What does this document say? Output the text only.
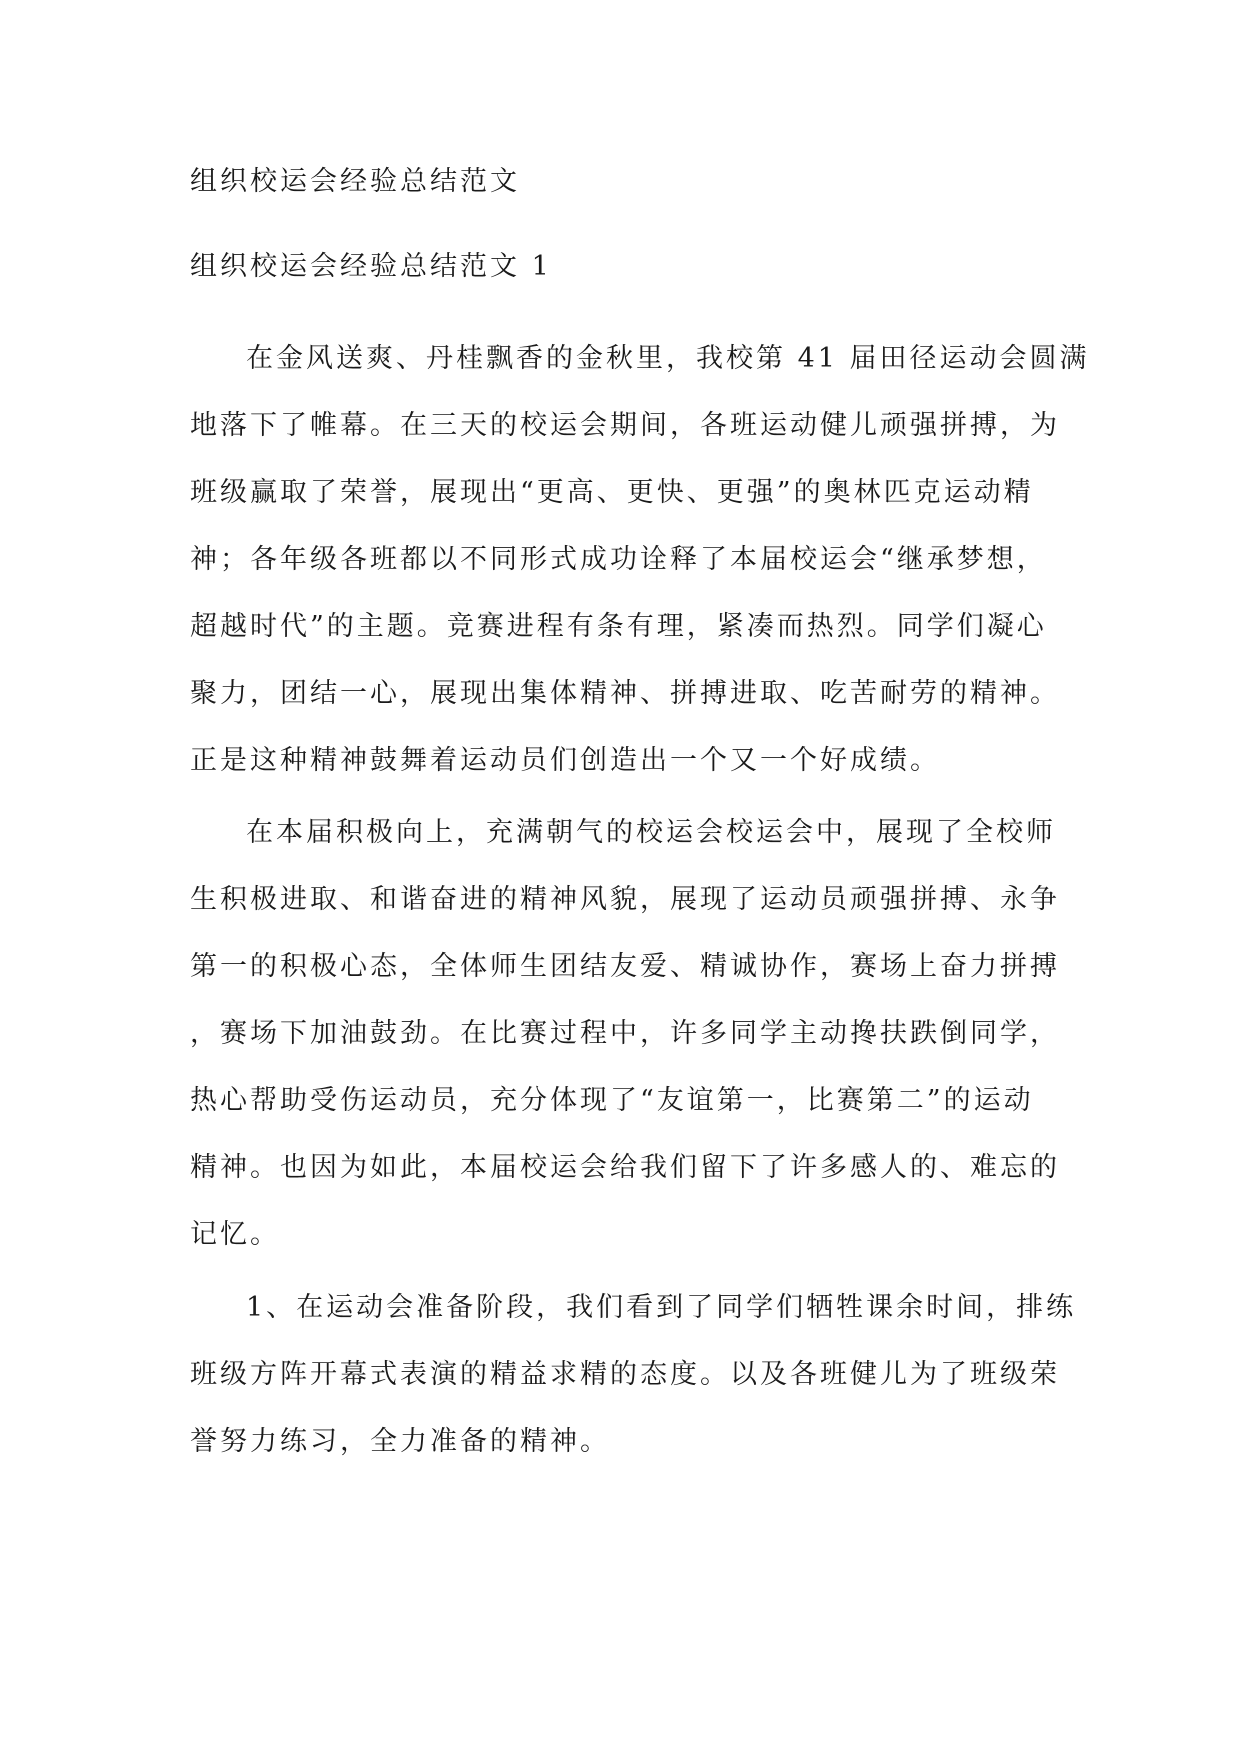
组织校运会经验总结范文
组织校运会经验总结范文 1
在金风送爽、丹桂飘香的金秋里，我校第 41 届田径运动会圆满
地落下了帷幕。在三天的校运会期间，各班运动健儿顽强拼搏，为
班级赢取了荣誉，展现出“更高、更快、更强”的奥林匹克运动精
神；各年级各班都以不同形式成功诠释了本届校运会“继承梦想，
超越时代”的主题。竞赛进程有条有理，紧凑而热烈。同学们凝心
聚力，团结一心，展现出集体精神、拼搏进取、吃苦耐劳的精神。
正是这种精神鼓舞着运动员们创造出一个又一个好成绩。
在本届积极向上，充满朝气的校运会校运会中，展现了全校师
生积极进取、和谐奋进的精神风貌，展现了运动员顽强拼搏、永争
第一的积极心态，全体师生团结友爱、精诚协作，赛场上奋力拼搏
，赛场下加油鼓劲。在比赛过程中，许多同学主动搀扶跌倒同学，
热心帮助受伤运动员，充分体现了“友谊第一，比赛第二”的运动
精神。也因为如此，本届校运会给我们留下了许多感人的、难忘的
记忆。
1、在运动会准备阶段，我们看到了同学们牺牲课余时间，排练
班级方阵开幕式表演的精益求精的态度。以及各班健儿为了班级荣
誉努力练习，全力准备的精神。
